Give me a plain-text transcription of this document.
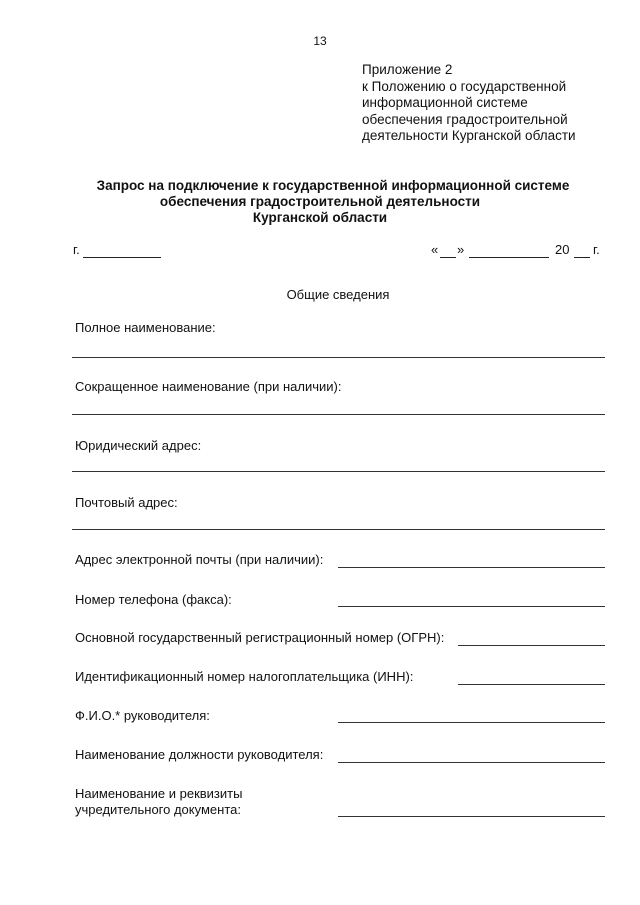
13
Приложение 2
к Положению о государственной
информационной системе
обеспечения градостроительной
деятельности Курганской области
Запрос на подключение к государственной информационной системе
обеспечения градостроительной деятельности
Курганской области
г.	« »	20 г.
Общие сведения
Полное наименование:
Сокращенное наименование (при наличии):
Юридический адрес:
Почтовый адрес:
Адрес электронной почты (при наличии):
Номер телефона (факса):
Основной государственный регистрационный номер (ОГРН):
Идентификационный номер налогоплательщика (ИНН):
Ф.И.О.* руководителя:
Наименование должности руководителя:
Наименование и реквизиты
учредительного документа:
